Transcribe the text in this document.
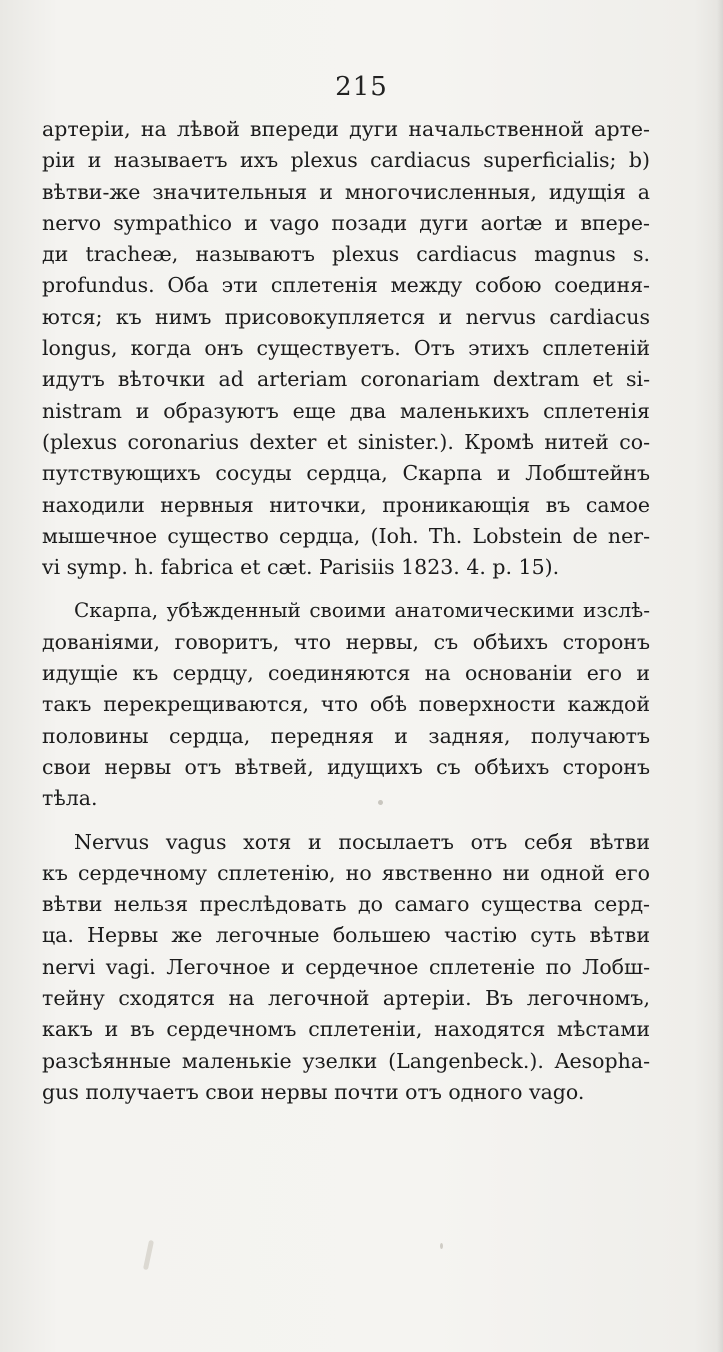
215
артерiи, на лѣвой впереди дуги начальственной арте-
рiи и называетъ ихъ plexus cardiacus superficialis; b)
вѣтви-же значительныя и многочисленныя, идущiя a
nervo sympathico и vago позади дуги aortæ и впере-
ди tracheæ, называютъ plexus cardiacus magnus s.
profundus. Оба эти сплетенiя между собою соединя-
ются; къ нимъ присовокупляется и nervus cardiacus
longus, когда онъ существуетъ. Отъ этихъ сплетенiй
идутъ вѣточки ad arteriam coronariam dextram et si-
nistram и образуютъ еще два маленькихъ сплетенiя
(plexus coronarius dexter et sinister.). Кромѣ нитей со-
путствующихъ сосуды сердца, Скарпа и Лобштейнъ
находили нервныя ниточки, проникающiя въ самое
мышечное существо сердца, (Ioh. Th. Lobstein de ner-
vi symp. h. fabrica et cæt. Parisiis 1823. 4. p. 15).
Скарпа, убѣжденный своими анатомическими изслѣ-
дованiями, говоритъ, что нервы, съ обѣихъ сторонъ
идущiе къ сердцу, соединяются на основанiи его и
такъ перекрещиваются, что обѣ поверхности каждой
половины сердца, передняя и задняя, получаютъ
свои нервы отъ вѣтвей, идущихъ съ обѣихъ сторонъ
тѣла.
Nervus vagus хотя и посылаетъ отъ себя вѣтви
къ сердечному сплетенiю, но явственно ни одной его
вѣтви нельзя преслѣдовать до самаго существа серд-
ца. Нервы же легочные большею частiю суть вѣтви
nervi vagi. Легочное и сердечное сплетенiе по Лобш-
тейну сходятся на легочной артерiи. Въ легочномъ,
какъ и въ сердечномъ сплетенiи, находятся мѣстами
разсѣянные маленькiе узелки (Langenbeck.). Aesopha-
gus получаетъ свои нервы почти отъ одного vago.
